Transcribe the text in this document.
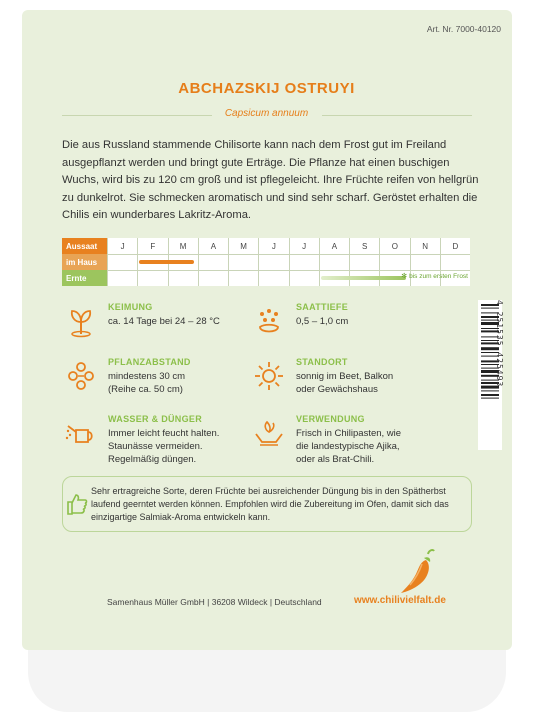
Art. Nr. 7000-40120
ABCHAZSKIJ OSTRUYI
Capsicum annuum
Die aus Russland stammende Chilisorte kann nach dem Frost gut im Freiland ausgepflanzt werden und bringt gute Erträge. Die Pflanze hat einen buschigen Wuchs, wird bis zu 120 cm groß und ist pflegeleicht. Ihre Früchte reifen von hellgrün zu dunkelrot. Sie schmecken aromatisch und sind sehr scharf. Geröstet erhalten die Chilis ein wunderbares Lakritz-Aroma.
Aussaat	J	F	M	A	M	J	J	A	S	O	N	D
im Haus
Ernte	✻ bis zum ersten Frost
KEIMUNG
ca. 14 Tage bei 24 – 28 °C
SAATTIEFE
0,5 – 1,0 cm
PFLANZABSTAND
mindestens 30 cm
(Reihe ca. 50 cm)
STANDORT
sonnig im Beet, Balkon
oder Gewächshaus
WASSER & DÜNGER
Immer leicht feucht halten.
Staunässe vermeiden.
Regelmäßig düngen.
VERWENDUNG
Frisch in Chilipasten, wie
die landestypische Ajika,
oder als Brat-Chili.
4 251535 425493
Sehr ertragreiche Sorte, deren Früchte bei ausreichender Düngung bis in den Spätherbst laufend geerntet werden können. Empfohlen wird die Zubereitung im Ofen, damit sich das einzigartige Salmiak-Aroma entwickeln kann.
Samenhaus Müller GmbH | 36208 Wildeck | Deutschland	www.chilivielfalt.de
